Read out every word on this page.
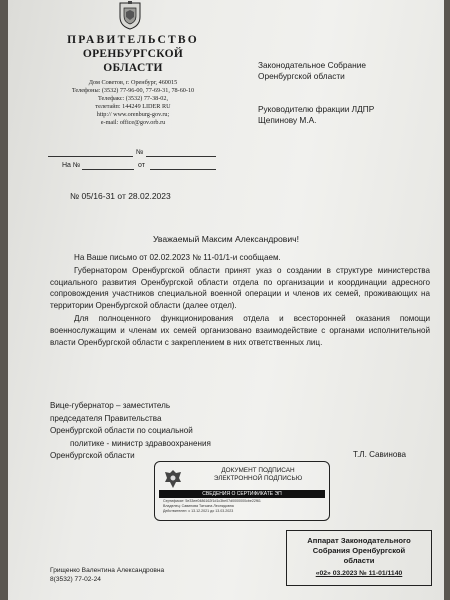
ПРАВИТЕЛЬСТВО
ОРЕНБУРГСКОЙ
ОБЛАСТИ
Дом Советов, г. Оренбург, 460015
Телефоны: (3532) 77-96-00, 77-69-31, 78-60-10
Телефакс: (3532) 77-38-02,
телетайп: 144249 LIDER RU
http:// www.orenburg-gov.ru;
e-mail: office@gov.orb.ru
Законодательное Собрание
Оренбургской области
Руководителю фракции ЛДПР
Щепинову М.А.
№
На №	от
№ 05/16-31 от 28.02.2023
Уважаемый Максим Александрович!

На Ваше письмо от 02.02.2023 № 11-01/1-и сообщаем.

Губернатором Оренбургской области принят указ о создании в структуре министерства социального развития Оренбургской области отдела по организации и координации адресного сопровождения участников специальной военной операции и членов их семей, проживающих на территории Оренбургской области (далее отдел).

Для полноценного функционирования отдела и всесторонней оказания помощи военнослужащим и членам их семей организовано взаимодействие с органами исполнительной власти Оренбургской области с закреплением в них ответственных лиц.

Вице-губернатор – заместитель
председателя Правительства
Оренбургской области по социальной
политике - министр здравоохранения
Оренбургской области	Т.Л. Савинова
ДОКУМЕНТ ПОДПИСАН
ЭЛЕКТРОННОЙ ПОДПИСЬЮ
СВЕДЕНИЯ О СЕРТИФИКАТЕ ЭП
Сертификат: 5e33ee0486162f1d1c3be07d0000000cbe22f61
Владелец: Савинова Татьяна Леонидовна
Действителен: с 13.12.2021 до 13.03.2023
Аппарат Законодательного
Собрания Оренбургской
области
«02» 03.2023 № 11-01/1140
Грищенко Валентина Александровна
8(3532) 77-02-24
